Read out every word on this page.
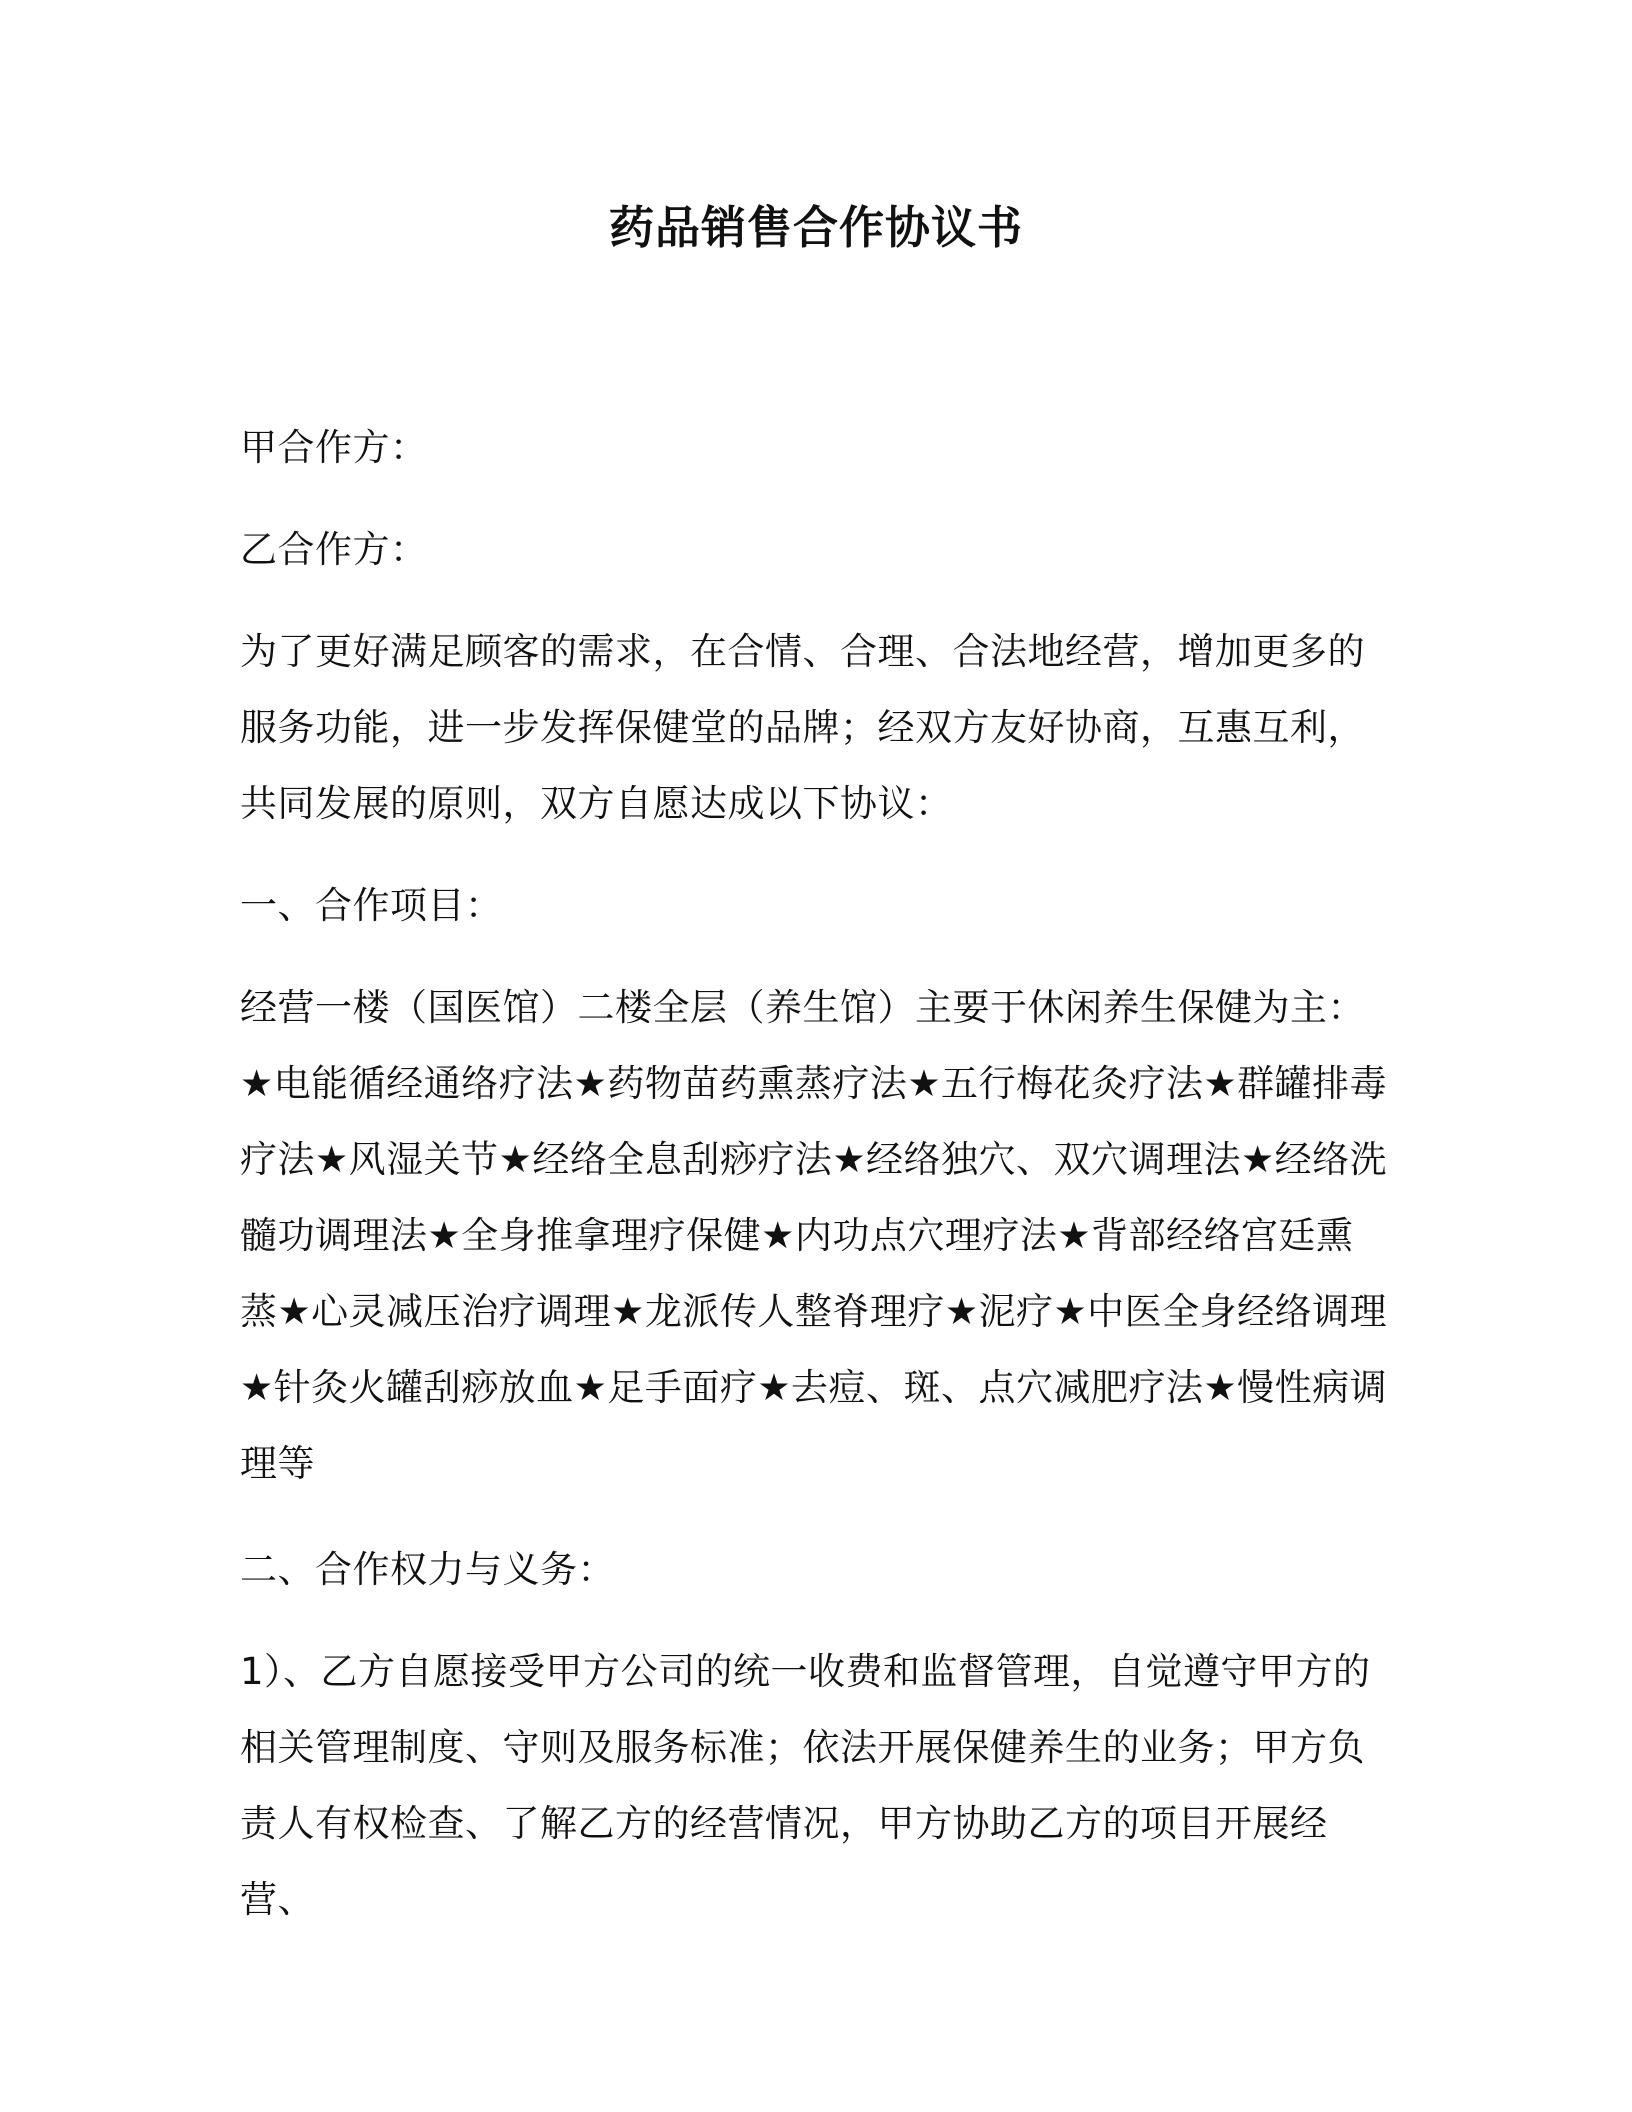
药品销售合作协议书

甲合作方：

乙合作方：

为了更好满足顾客的需求，在合情、合理、合法地经营，增加更多的服务功能，进一步发挥保健堂的品牌；经双方友好协商，互惠互利，共同发展的原则，双方自愿达成以下协议：

一、合作项目：

经营一楼（国医馆）二楼全层（养生馆）主要于休闲养生保健为主：★电能循经通络疗法★药物苗药熏蒸疗法★五行梅花灸疗法★群罐排毒疗法★风湿关节★经络全息刮痧疗法★经络独穴、双穴调理法★经络洗髓功调理法★全身推拿理疗保健★内功点穴理疗法★背部经络宫廷熏蒸★心灵减压治疗调理★龙派传人整脊理疗★泥疗★中医全身经络调理★针灸火罐刮痧放血★足手面疗★去痘、斑、点穴减肥疗法★慢性病调理等

二、合作权力与义务：

1）、乙方自愿接受甲方公司的统一收费和监督管理，自觉遵守甲方的相关管理制度、守则及服务标准；依法开展保健养生的业务；甲方负责人有权检查、了解乙方的经营情况，甲方协助乙方的项目开展经营、
